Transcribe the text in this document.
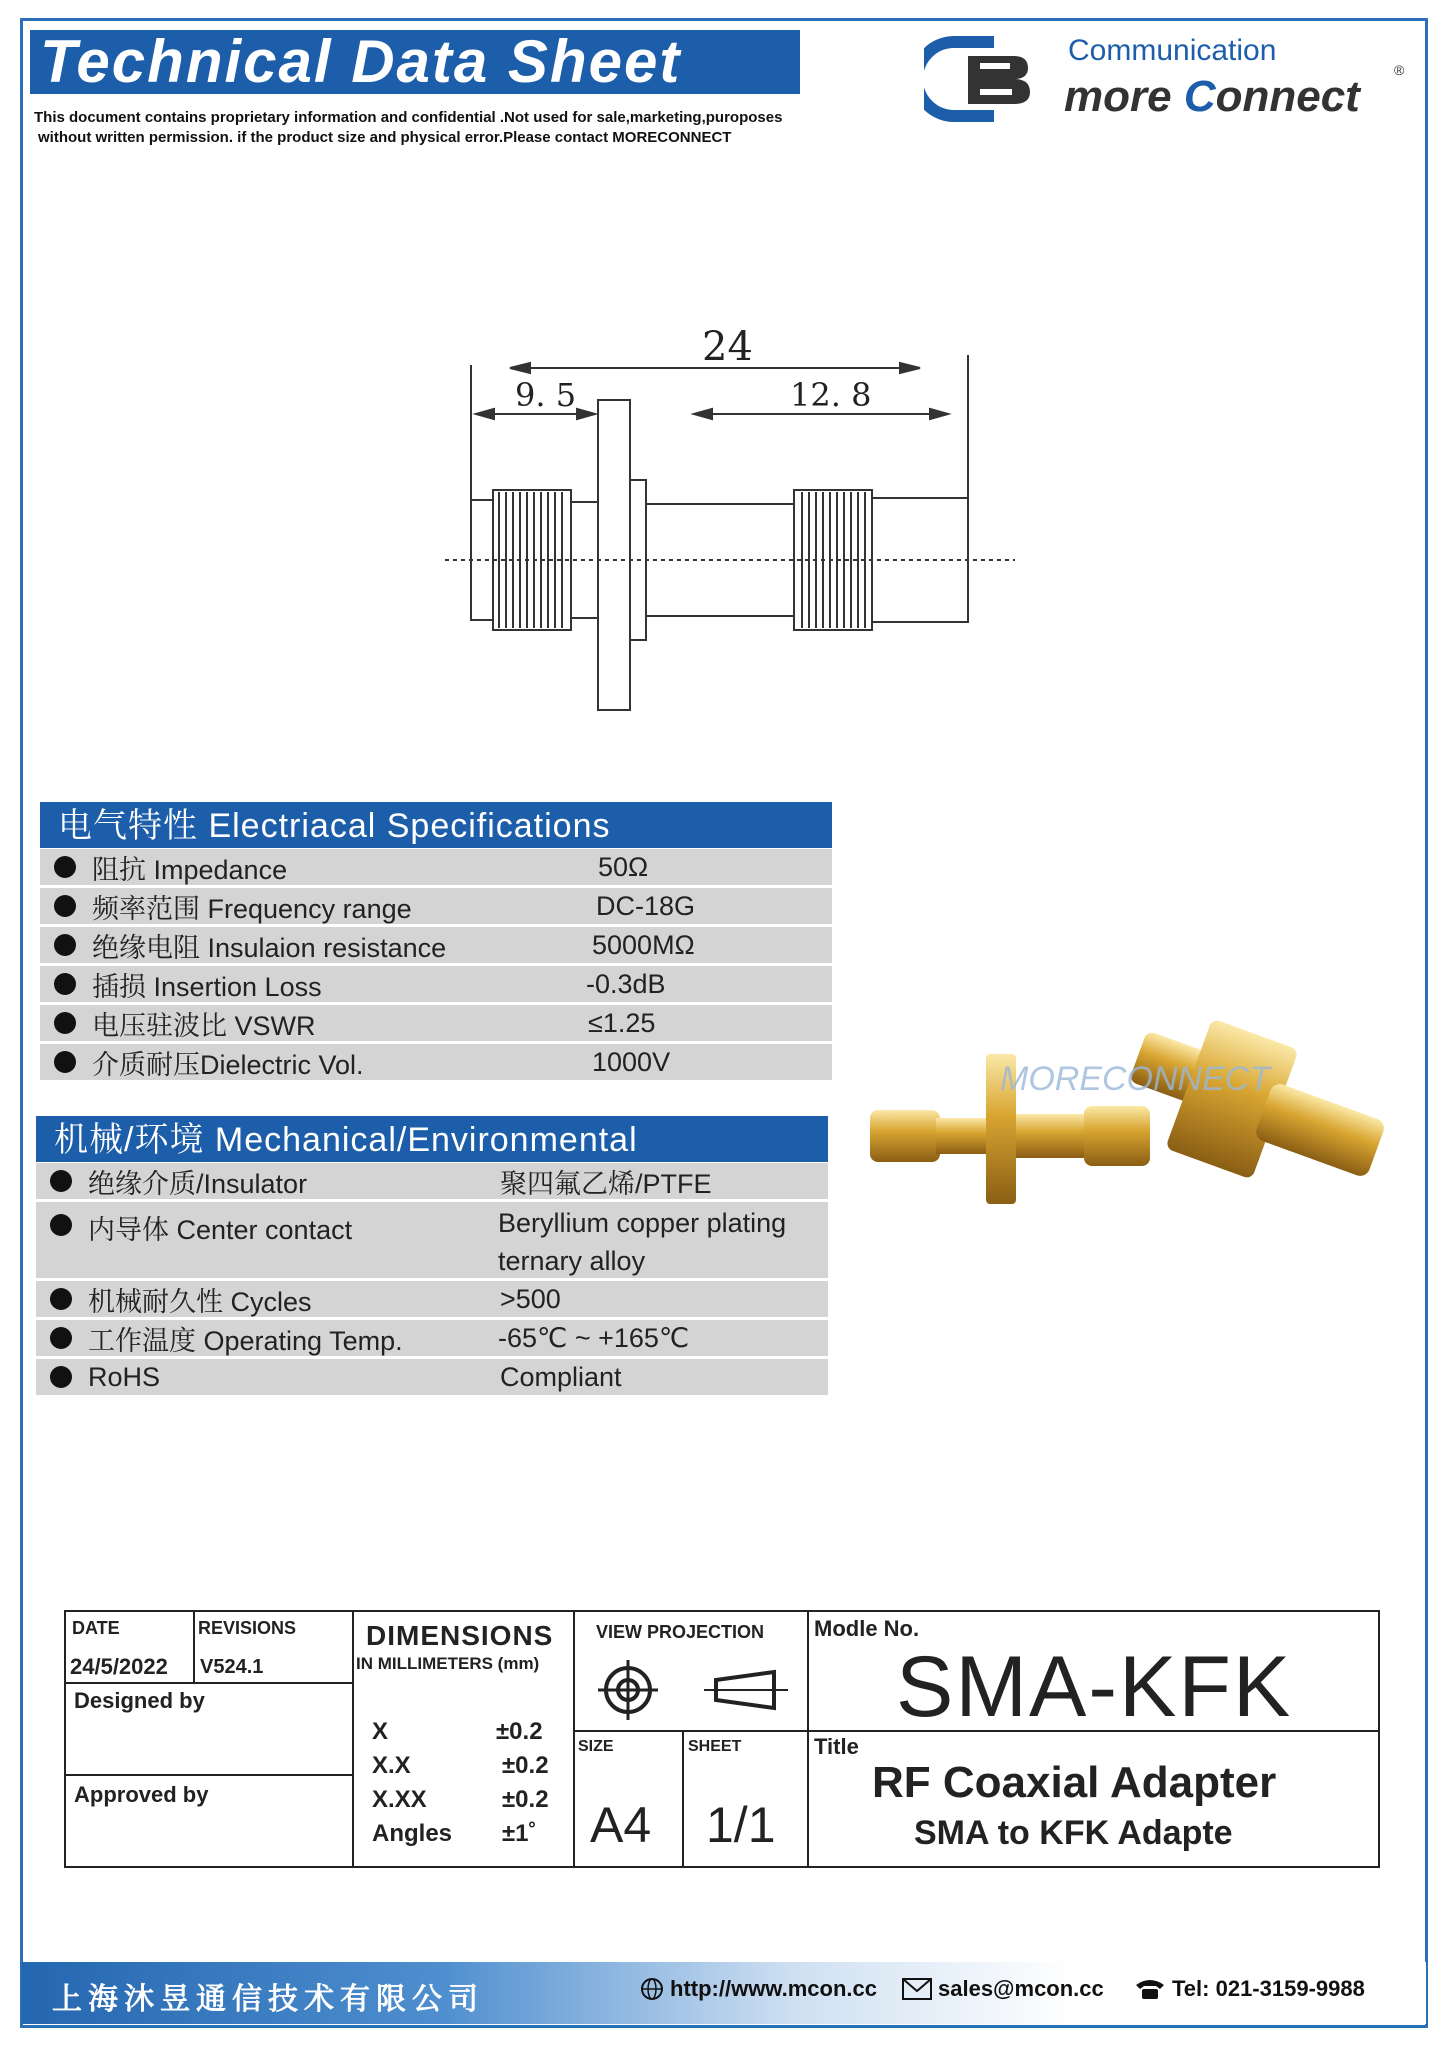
Technical Data Sheet
This document contains proprietary information and confidential .Not used for sale,marketing,puroposes
without written permission. if the product size and physical error.Please contact MORECONNECT
Communication
more Connect
®
24
9. 5	12. 8
电气特性 Electriacal Specifications
阻抗 Impedance	50Ω
频率范围 Frequency range	DC-18G
绝缘电阻 Insulaion resistance	5000MΩ
插损 Insertion Loss	-0.3dB
电压驻波比 VSWR	≤1.25
介质耐压Dielectric Vol.	1000V
机械/环境 Mechanical/Environmental
绝缘介质/Insulator	聚四氟乙烯/PTFE
内导体 Center contact	Beryllium copper plating
ternary alloy
机械耐久性 Cycles	>500
工作温度 Operating Temp.	-65℃ ~ +165℃
RoHS	Compliant
MORECONNECT
DATE	REVISIONS
24/5/2022 V524.1
Designed by
Approved by
DIMENSIONS
IN MILLIMETERS (mm)
X	±0.2
X.X	±0.2
X.XX	±0.2
Angles ±1˚
VIEW PROJECTION
SIZE	SHEET
A4 1/1
Modle No.
SMA-KFK
Title
RF Coaxial Adapter
SMA to KFK Adapte
上海沐昱通信技术有限公司	http://www.mcon.cc	sales@mcon.cc	Tel: 021-3159-9988
